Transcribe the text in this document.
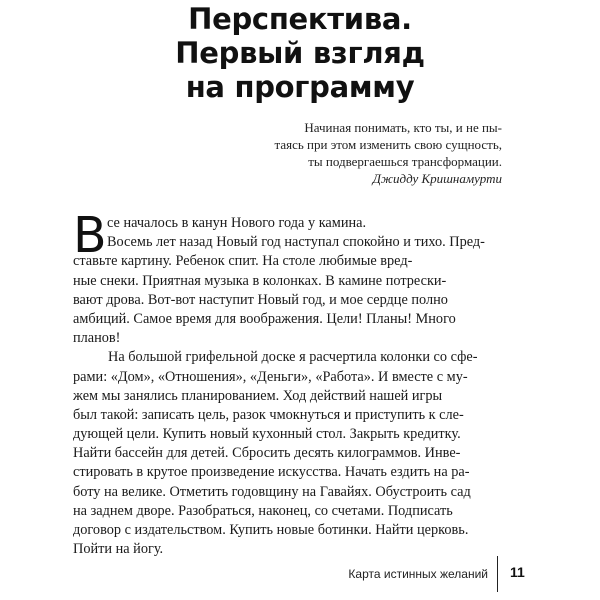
Перспектива.
Первый взгляд
на программу
Начиная понимать, кто ты, и не пы-
таясь при этом изменить свою сущность,
ты подвергаешься трансформации.
Джидду Кришнамурти
В се началось в канун Нового года у камина.
Восемь лет назад Новый год наступал спокойно и тихо. Пред-
ставьте картину. Ребенок спит. На столе любимые вред-
ные снеки. Приятная музыка в колонках. В камине потрески-
вают дрова. Вот-вот наступит Новый год, и мое сердце полно
амбиций. Самое время для воображения. Цели! Планы! Много
планов!
На большой грифельной доске я расчертила колонки со сфе-
рами: «Дом», «Отношения», «Деньги», «Работа». И вместе с му-
жем мы занялись планированием. Ход действий нашей игры
был такой: записать цель, разок чмокнуться и приступить к сле-
дующей цели. Купить новый кухонный стол. Закрыть кредитку.
Найти бассейн для детей. Сбросить десять килограммов. Инве-
стировать в крутое произведение искусства. Начать ездить на ра-
боту на велике. Отметить годовщину на Гавайях. Обустроить сад
на заднем дворе. Разобраться, наконец, со счетами. Подписать
договор с издательством. Купить новые ботинки. Найти церковь.
Пойти на йогу.
Карта истинных желаний 11
